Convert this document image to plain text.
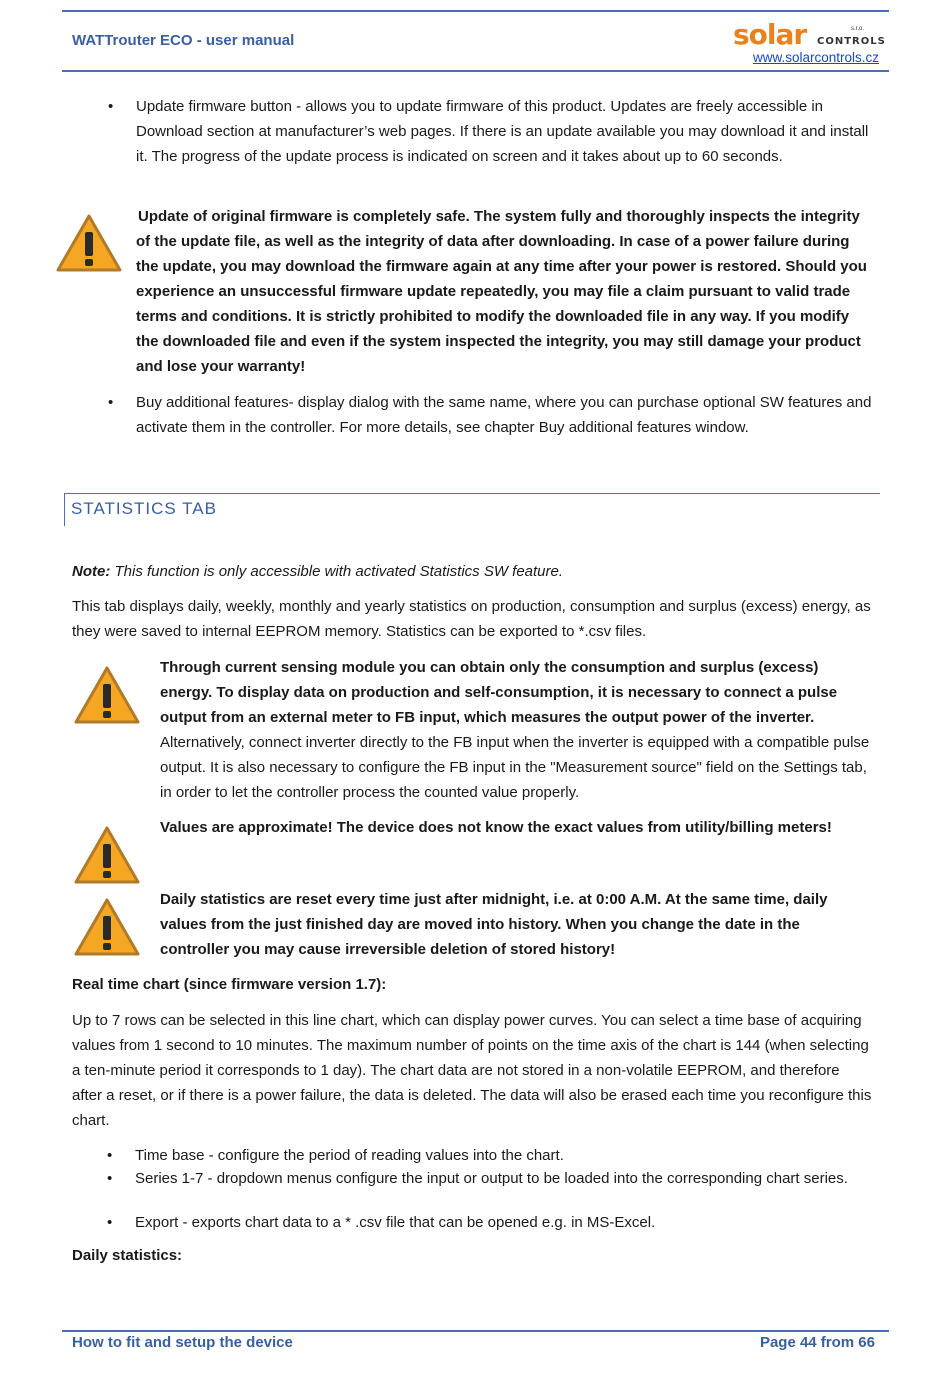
WATTrouter ECO - user manual	solar	s.r.o.
CONTROLS
www.solarcontrols.cz
• Update firmware button - allows you to update firmware of this product. Updates are freely accessible in Download section at manufacturer’s web pages. If there is an update available you may download it and install it. The progress of the update process is indicated on screen and it takes about up to 60 seconds.
Update of original firmware is completely safe. The system fully and thoroughly inspects the integrity of the update file, as well as the integrity of data after downloading. In case of a power failure during the update, you may download the firmware again at any time after your power is restored. Should you experience an unsuccessful firmware update repeatedly, you may file a claim pursuant to valid trade terms and conditions. It is strictly prohibited to modify the downloaded file in any way. If you modify the downloaded file and even if the system inspected the integrity, you may still damage your product and lose your warranty!
• Buy additional features- display dialog with the same name, where you can purchase optional SW features and activate them in the controller. For more details, see chapter Buy additional features window.
STATISTICS TAB
Note: This function is only accessible with activated Statistics SW feature.
This tab displays daily, weekly, monthly and yearly statistics on production, consumption and surplus (excess) energy, as they were saved to internal EEPROM memory. Statistics can be exported to *.csv files.
Through current sensing module you can obtain only the consumption and surplus (excess) energy. To display data on production and self-consumption, it is necessary to connect a pulse output from an external meter to FB input, which measures the output power of the inverter. Alternatively, connect inverter directly to the FB input when the inverter is equipped with a compatible pulse output. It is also necessary to configure the FB input in the "Measurement source" field on the Settings tab, in order to let the controller process the counted value properly.
Values are approximate! The device does not know the exact values from utility/billing meters!
Daily statistics are reset every time just after midnight, i.e. at 0:00 A.M. At the same time, daily values from the just finished day are moved into history. When you change the date in the controller you may cause irreversible deletion of stored history!
Real time chart (since firmware version 1.7):
Up to 7 rows can be selected in this line chart, which can display power curves. You can select a time base of acquiring values from 1 second to 10 minutes. The maximum number of points on the time axis of the chart is 144 (when selecting a ten-minute period it corresponds to 1 day). The chart data are not stored in a non-volatile EEPROM, and therefore after a reset, or if there is a power failure, the data is deleted. The data will also be erased each time you reconfigure this chart.
• Time base - configure the period of reading values into the chart.
• Series 1-7 - dropdown menus configure the input or output to be loaded into the corresponding chart series.
• Export - exports chart data to a * .csv file that can be opened e.g. in MS-Excel.
Daily statistics:
How to fit and setup the device	Page 44 from 66
